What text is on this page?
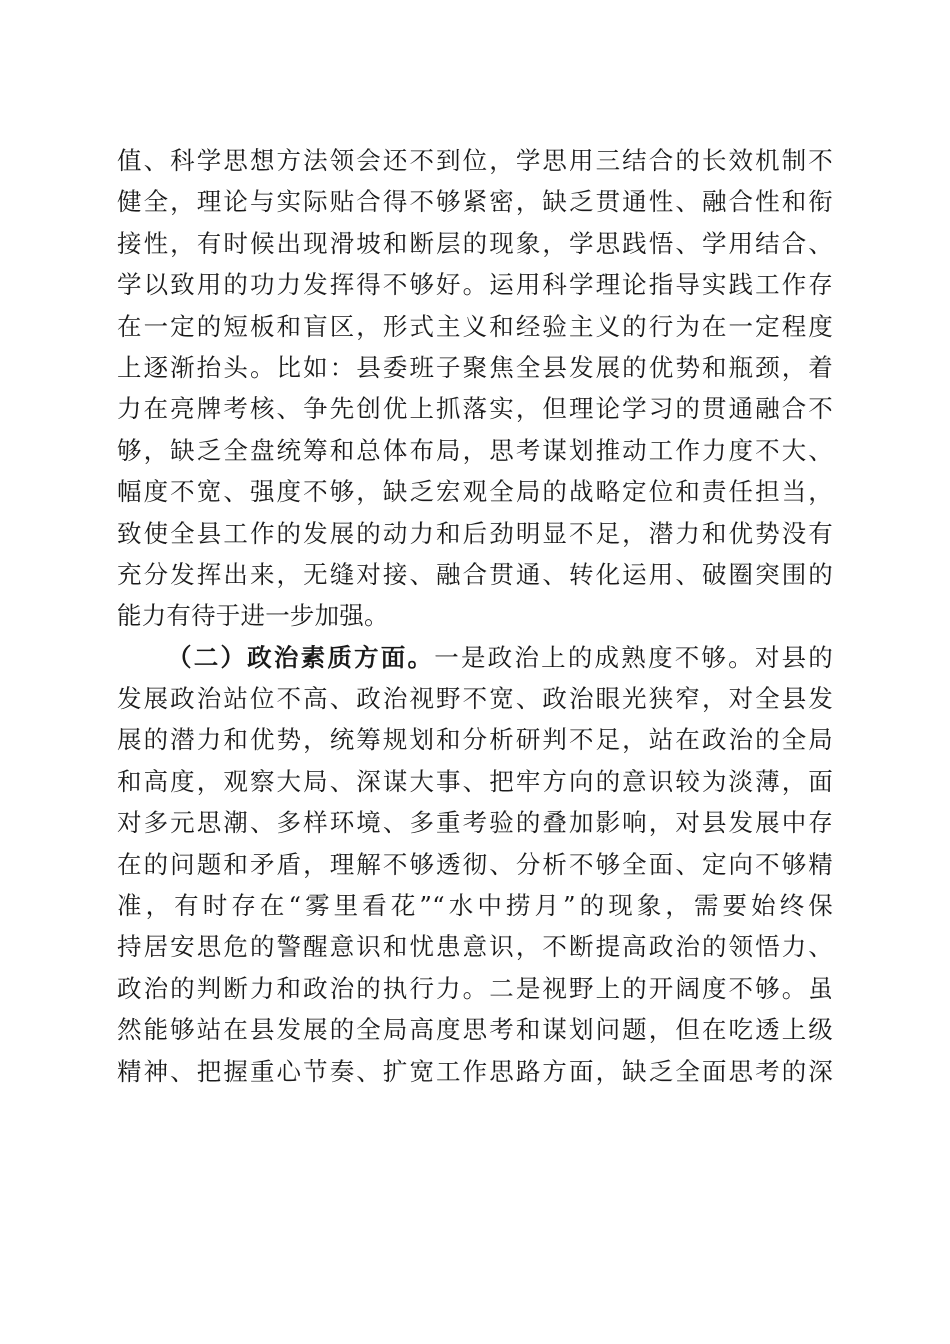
值、科学思想方法领会还不到位，学思用三结合的长效机制不
健全，理论与实际贴合得不够紧密，缺乏贯通性、融合性和衔
接性，有时候出现滑坡和断层的现象，学思践悟、学用结合、
学以致用的功力发挥得不够好。运用科学理论指导实践工作存
在一定的短板和盲区，形式主义和经验主义的行为在一定程度
上逐渐抬头。比如：县委班子聚焦全县发展的优势和瓶颈，着
力在亮牌考核、争先创优上抓落实，但理论学习的贯通融合不
够，缺乏全盘统筹和总体布局，思考谋划推动工作力度不大、
幅度不宽、强度不够，缺乏宏观全局的战略定位和责任担当，
致使全县工作的发展的动力和后劲明显不足，潜力和优势没有
充分发挥出来，无缝对接、融合贯通、转化运用、破圈突围的
能力有待于进一步加强。
（二）政治素质方面。一是政治上的成熟度不够。对县的
发展政治站位不高、政治视野不宽、政治眼光狭窄，对全县发
展的潜力和优势，统筹规划和分析研判不足，站在政治的全局
和高度，观察大局、深谋大事、把牢方向的意识较为淡薄，面
对多元思潮、多样环境、多重考验的叠加影响，对县发展中存
在的问题和矛盾，理解不够透彻、分析不够全面、定向不够精
准，有时存在“雾里看花”“水中捞月”的现象，需要始终保
持居安思危的警醒意识和忧患意识，不断提高政治的领悟力、
政治的判断力和政治的执行力。二是视野上的开阔度不够。虽
然能够站在县发展的全局高度思考和谋划问题，但在吃透上级
精神、把握重心节奏、扩宽工作思路方面，缺乏全面思考的深
